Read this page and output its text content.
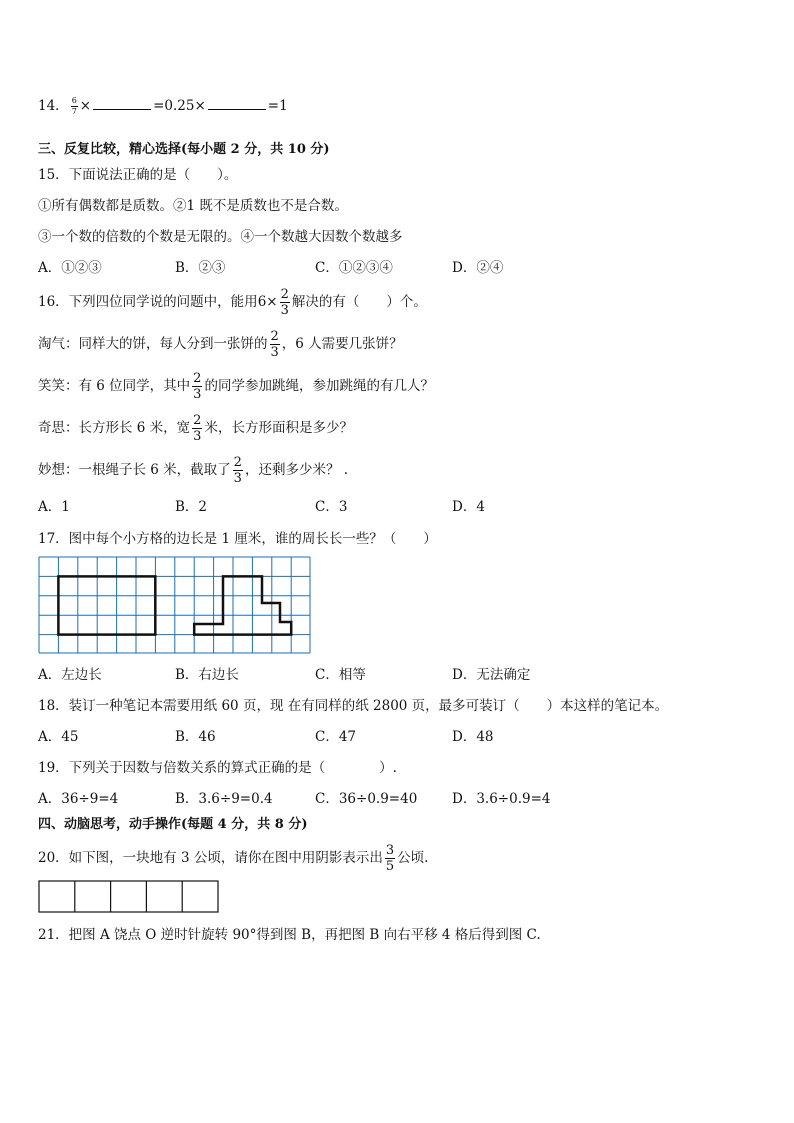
14． $\frac{6}{7}$ ×	=0.25×	=1
三、反复比较，精心选择(每小题 2 分，共 10 分)
15．下面说法正确的是（　　）。
①所有偶数都是质数。②1 既不是质数也不是合数。
③一个数的倍数的个数是无限的。④一个数越大因数个数越多
A．①②③	B．②③	C．①②③④	D．②④
16．下列四位同学说的问题中，能用$6\times \frac{2}{3}$ 解决的有（　　）个。
淘气：同样大的饼，每人分到一张饼的 $\frac{2}{3}$ ，6 人需要几张饼？
笑笑：有 6 位同学，其中 $\frac{2}{3}$ 的同学参加跳绳，参加跳绳的有几人？
奇思：长方形长 6 米，宽 $\frac{2}{3}$ 米，长方形面积是多少？
妙想：一根绳子长 6 米，截取了 $\frac{2}{3}$ ，还剩多少米？ .
A．1	B．2	C．3	D．4
17．图中每个小方格的边长是 1 厘米，谁的周长长一些？（　　）
A．左边长	B．右边长	C．相等	D．无法确定
18．装订一种笔记本需要用纸 60 页，现 在有同样的纸 2800 页，最多可装订（　　）本这样的笔记本。
A．45	B．46	C．47	D．48
19．下列关于因数与倍数关系的算式正确的是（　　　　）.
A．36÷9=4	B．3.6÷9=0.4	C．36÷0.9=40	D．3.6÷0.9=4
四、动脑思考，动手操作(每题 4 分，共 8 分)
20．如下图，一块地有 3 公顷，请你在图中用阴影表示出 $\frac{3}{5}$ 公顷.
21．把图 A 饶点 O 逆时针旋转 90°得到图 B，再把图 B 向右平移 4 格后得到图 C.
